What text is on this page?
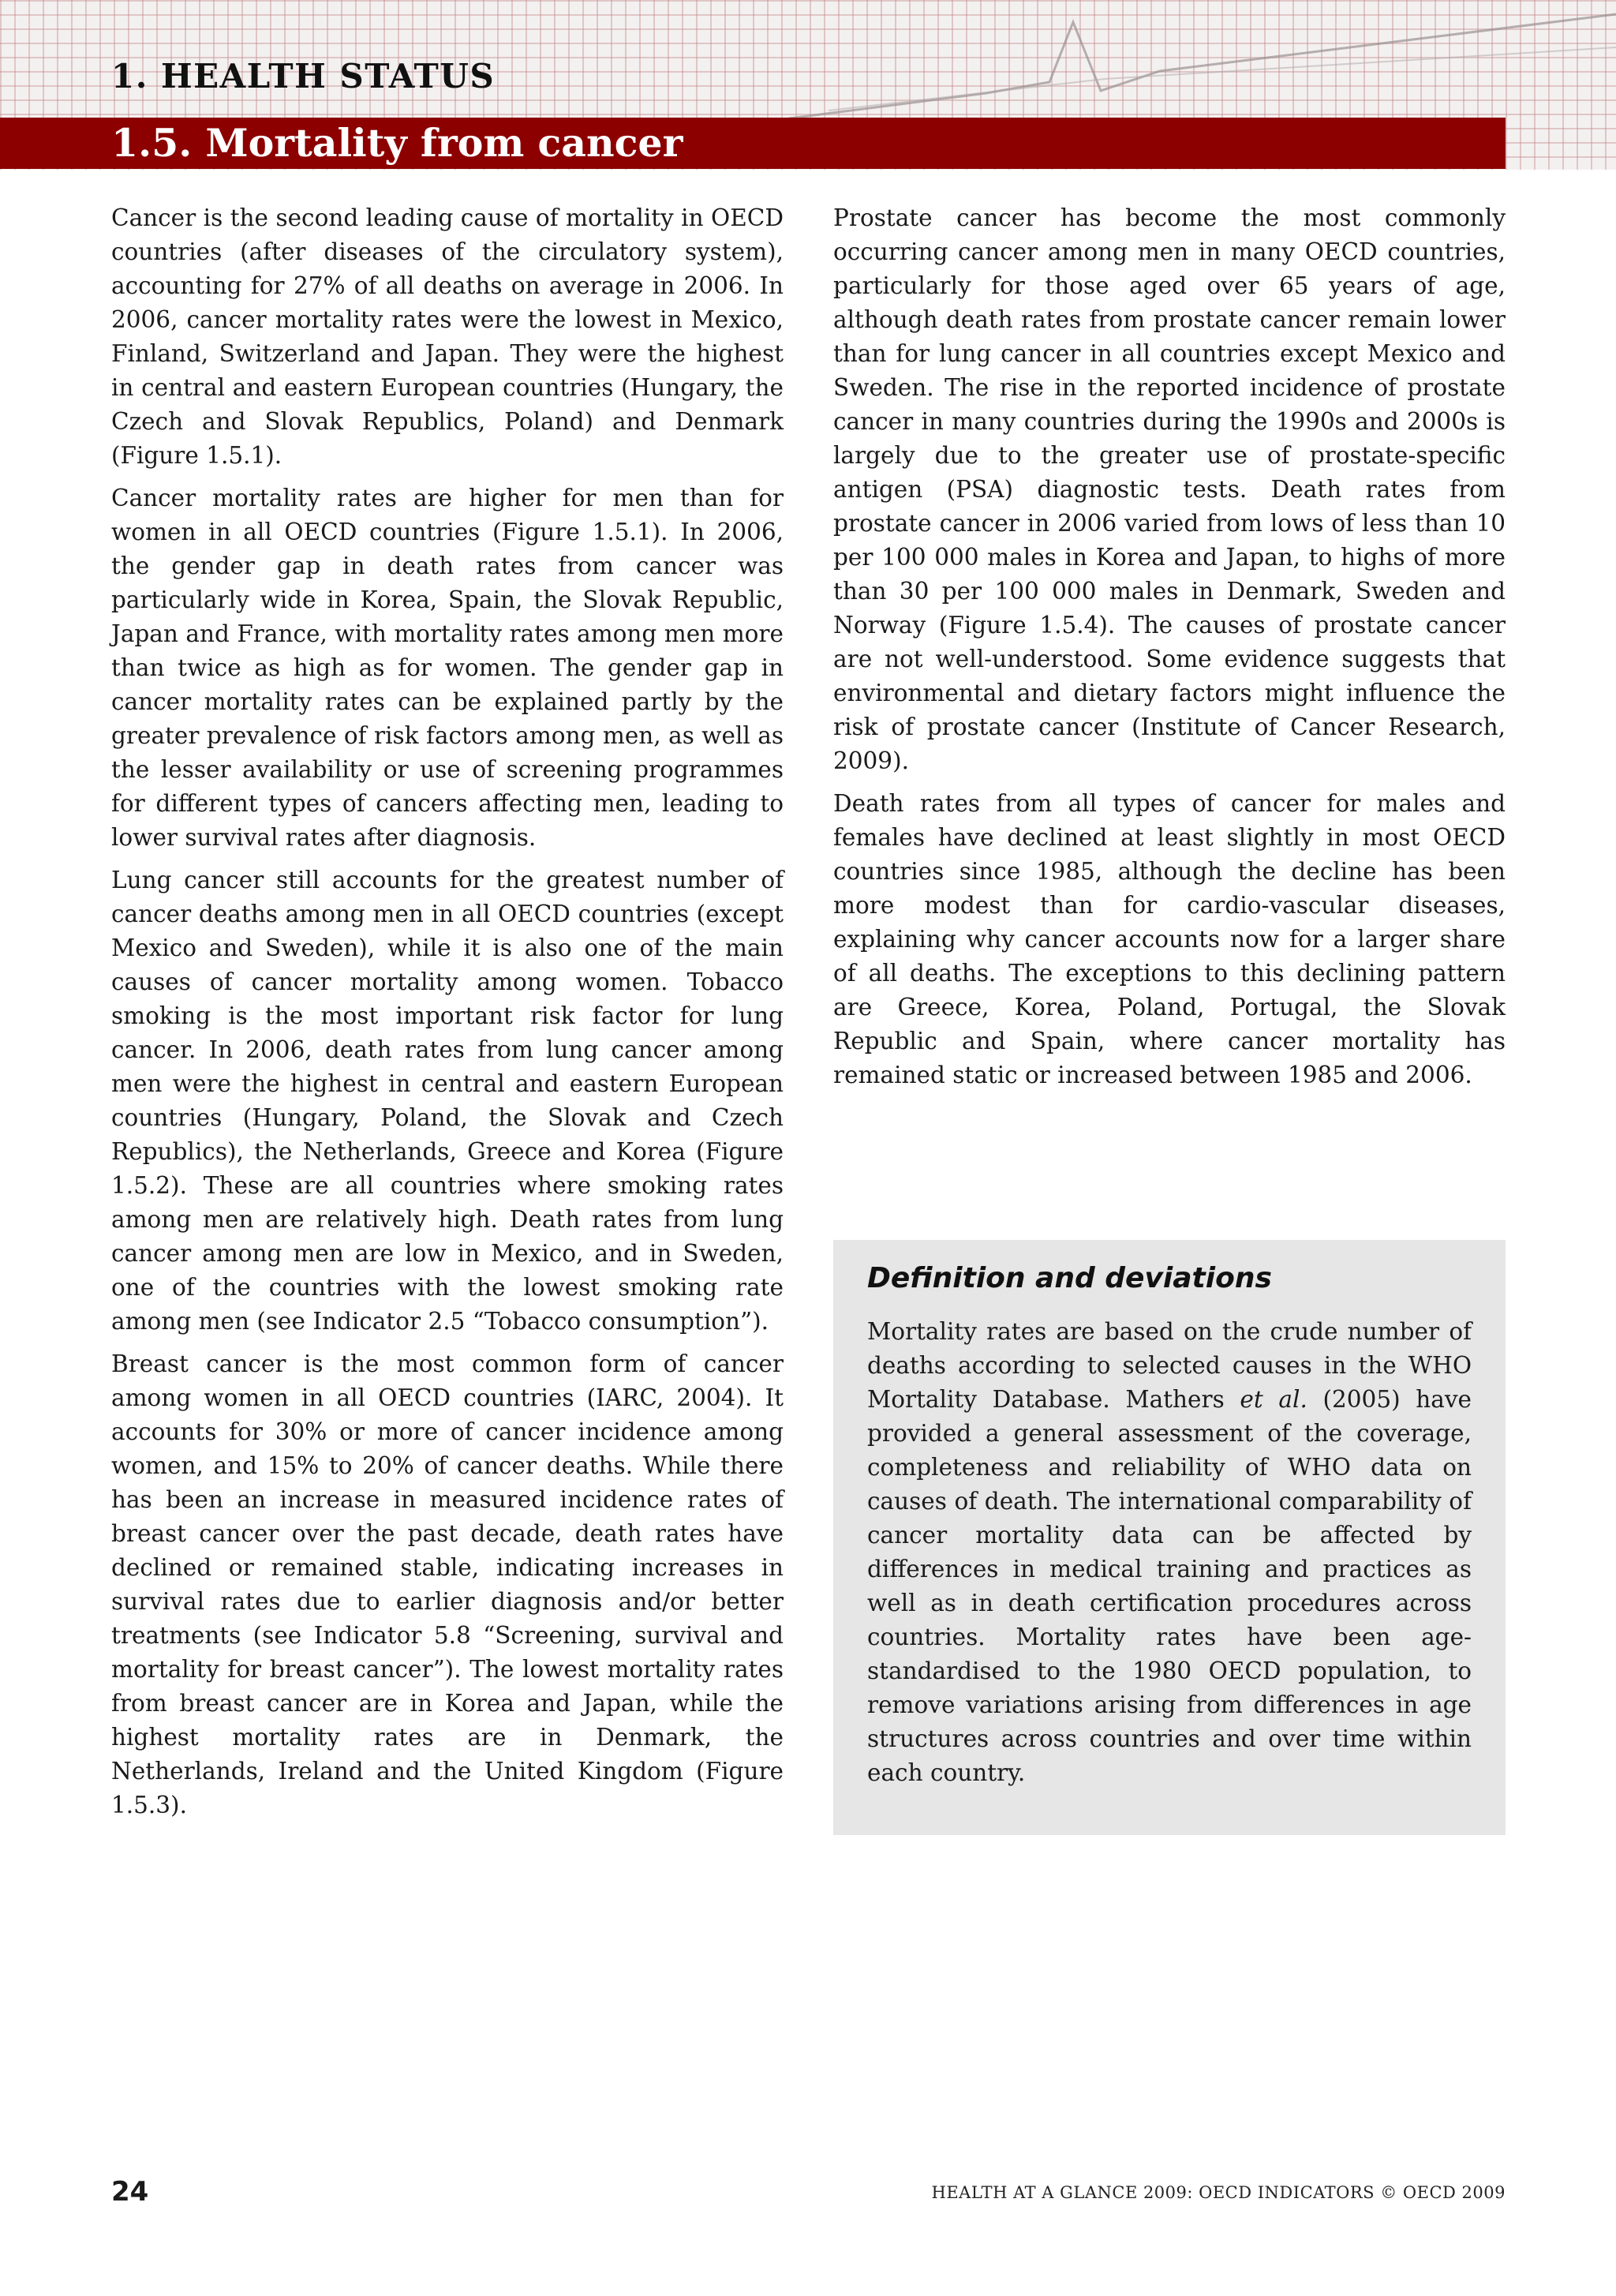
1. HEALTH STATUS
1.5. Mortality from cancer

Cancer is the second leading cause of mortality in OECD countries (after diseases of the circulatory system), accounting for 27% of all deaths on average in 2006. In 2006, cancer mortality rates were the lowest in Mexico, Finland, Switzerland and Japan. They were the highest in central and eastern European countries (Hungary, the Czech and Slovak Republics, Poland) and Denmark (Figure 1.5.1).

Cancer mortality rates are higher for men than for women in all OECD countries (Figure 1.5.1). In 2006, the gender gap in death rates from cancer was particularly wide in Korea, Spain, the Slovak Republic, Japan and France, with mortality rates among men more than twice as high as for women. The gender gap in cancer mortality rates can be explained partly by the greater prevalence of risk factors among men, as well as the lesser availability or use of screening programmes for different types of cancers affecting men, leading to lower survival rates after diagnosis.

Lung cancer still accounts for the greatest number of cancer deaths among men in all OECD countries (except Mexico and Sweden), while it is also one of the main causes of cancer mortality among women. Tobacco smoking is the most important risk factor for lung cancer. In 2006, death rates from lung cancer among men were the highest in central and eastern European countries (Hungary, Poland, the Slovak and Czech Republics), the Netherlands, Greece and Korea (Figure 1.5.2). These are all countries where smoking rates among men are relatively high. Death rates from lung cancer among men are low in Mexico, and in Sweden, one of the countries with the lowest smoking rate among men (see Indicator 2.5 “Tobacco consumption”).

Breast cancer is the most common form of cancer among women in all OECD countries (IARC, 2004). It accounts for 30% or more of cancer incidence among women, and 15% to 20% of cancer deaths. While there has been an increase in measured incidence rates of breast cancer over the past decade, death rates have declined or remained stable, indicating increases in survival rates due to earlier diagnosis and/or better treatments (see Indicator 5.8 “Screening, survival and mortality for breast cancer”). The lowest mortality rates from breast cancer are in Korea and Japan, while the highest mortality rates are in Denmark, the Netherlands, Ireland and the United Kingdom (Figure 1.5.3).

Prostate cancer has become the most commonly occurring cancer among men in many OECD countries, particularly for those aged over 65 years of age, although death rates from prostate cancer remain lower than for lung cancer in all countries except Mexico and Sweden. The rise in the reported incidence of prostate cancer in many countries during the 1990s and 2000s is largely due to the greater use of prostate-specific antigen (PSA) diagnostic tests. Death rates from prostate cancer in 2006 varied from lows of less than 10 per 100 000 males in Korea and Japan, to highs of more than 30 per 100 000 males in Denmark, Sweden and Norway (Figure 1.5.4). The causes of prostate cancer are not well-understood. Some evidence suggests that environmental and dietary factors might influence the risk of prostate cancer (Institute of Cancer Research, 2009).

Death rates from all types of cancer for males and females have declined at least slightly in most OECD countries since 1985, although the decline has been more modest than for cardio-vascular diseases, explaining why cancer accounts now for a larger share of all deaths. The exceptions to this declining pattern are Greece, Korea, Poland, Portugal, the Slovak Republic and Spain, where cancer mortality has remained static or increased between 1985 and 2006.

Definition and deviations

Mortality rates are based on the crude number of deaths according to selected causes in the WHO Mortality Database. Mathers et al. (2005) have provided a general assessment of the coverage, completeness and reliability of WHO data on causes of death. The international comparability of cancer mortality data can be affected by differences in medical training and practices as well as in death certification procedures across countries. Mortality rates have been age-standardised to the 1980 OECD population, to remove variations arising from differences in age structures across countries and over time within each country.

24	HEALTH AT A GLANCE 2009: OECD INDICATORS © OECD 2009
